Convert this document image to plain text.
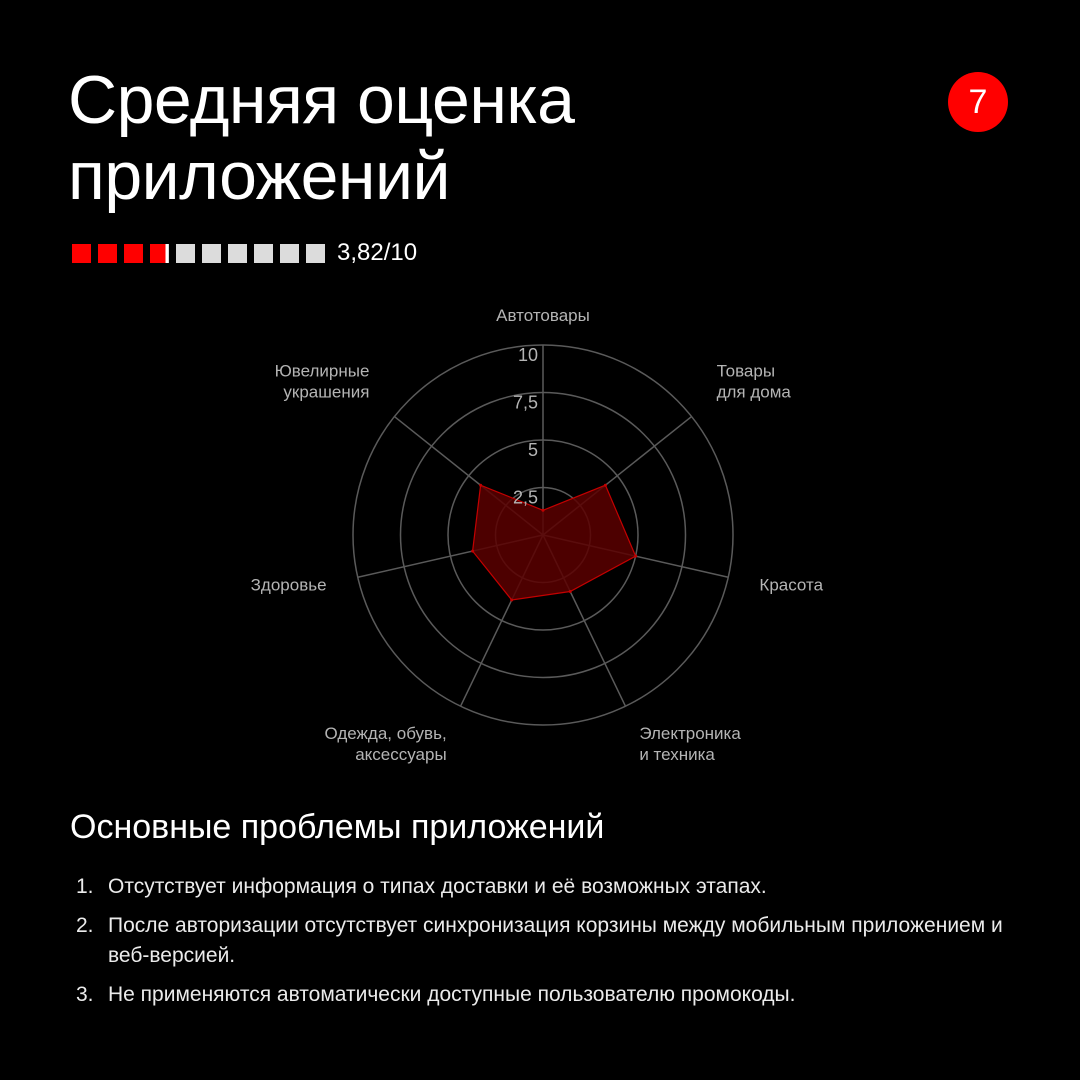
Средняя оценка
приложений
7
3,82/10
2,5
5
7,5
10
Автотовары
Товары для дома
Красота
Электроника и техника
Одежда, обувь, аксессуары
Здоровье
Ювелирные украшения
Основные проблемы приложений
1. Отсутствует информация о типах доставки и её возможных этапах.
2. После авторизации отсутствует синхронизация корзины между мобильным приложением и веб-версией.
3. Не применяются автоматически доступные пользователю промокоды.
